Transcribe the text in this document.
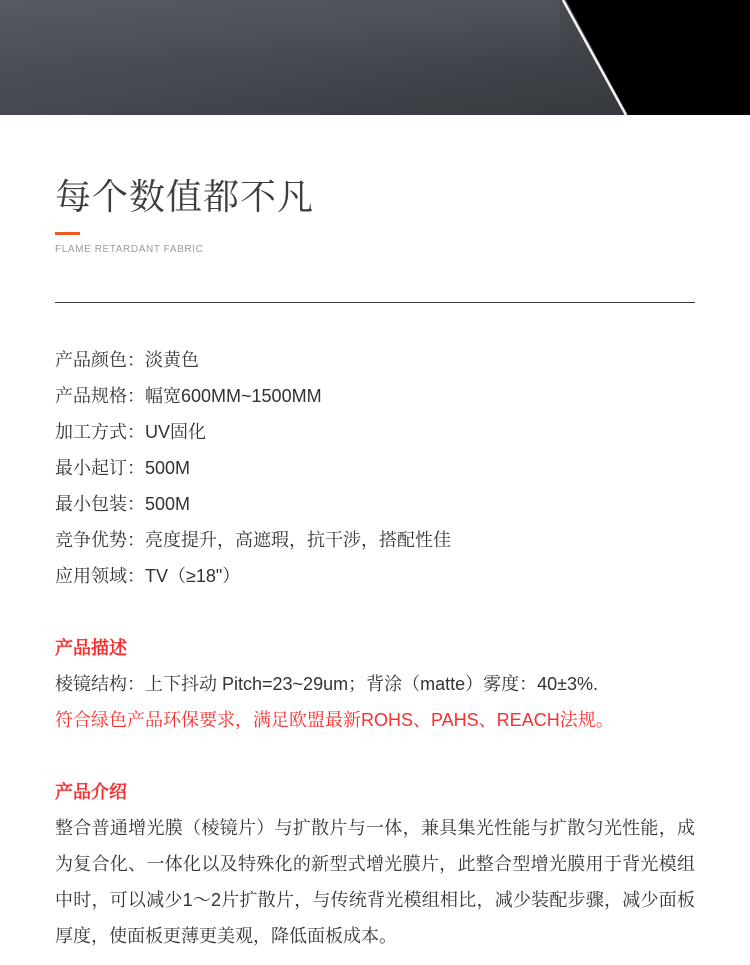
每个数值都不凡
FLAME RETARDANT FABRIC
产品颜色：淡黄色
产品规格：幅宽600MM~1500MM
加工方式：UV固化
最小起订：500M
最小包装：500M
竞争优势：亮度提升，高遮瑕，抗干涉，搭配性佳
应用领域：TV（≥18"）
产品描述
棱镜结构：上下抖动 Pitch=23~29um；背涂（matte）雾度：40±3%.
符合绿色产品环保要求，满足欧盟最新ROHS、PAHS、REACH法规。
产品介绍

整合普通增光膜（棱镜片）与扩散片与一体，兼具集光性能与扩散匀光性能，成为复合化、一体化以及特殊化的新型式增光膜片，此整合型增光膜用于背光模组中时，可以减少1～2片扩散片，与传统背光模组相比，减少装配步骤，减少面板厚度，使面板更薄更美观，降低面板成本。
